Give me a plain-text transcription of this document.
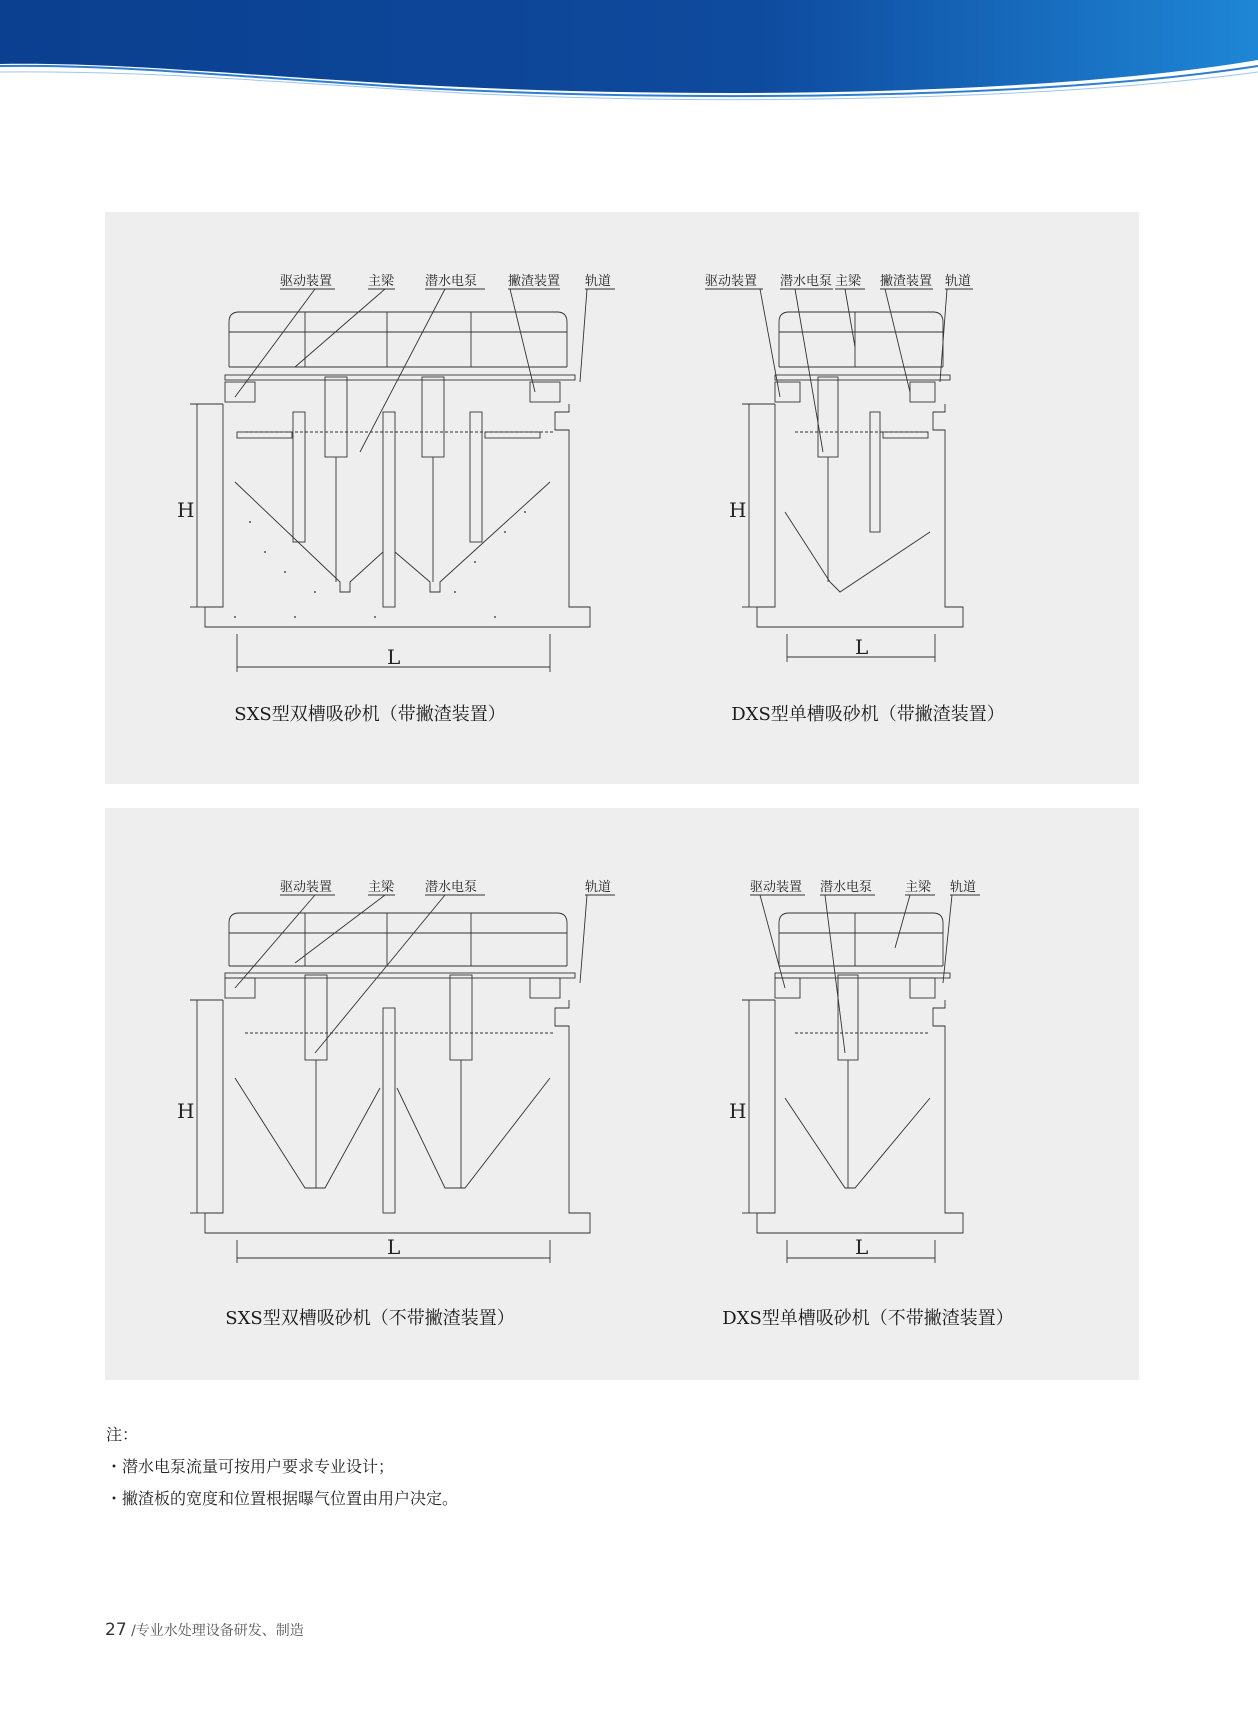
驱动装置	主梁 潜水电泵 撇渣装置 轨道
H
L
SXS型双槽吸砂机（带撇渣装置）
驱动装置 潜水电泵 主梁 撇渣装置 轨道
H
L
DXS型单槽吸砂机（带撇渣装置）
驱动装置	主梁 潜水电泵	轨道
H
L
SXS型双槽吸砂机（不带撇渣装置）
驱动装置 潜水电泵	主梁 轨道
H
L
DXS型单槽吸砂机（不带撇渣装置）
注：
・潜水电泵流量可按用户要求专业设计；
・撇渣板的宽度和位置根据曝气位置由用户决定。
27 /专业水处理设备研发、制造
